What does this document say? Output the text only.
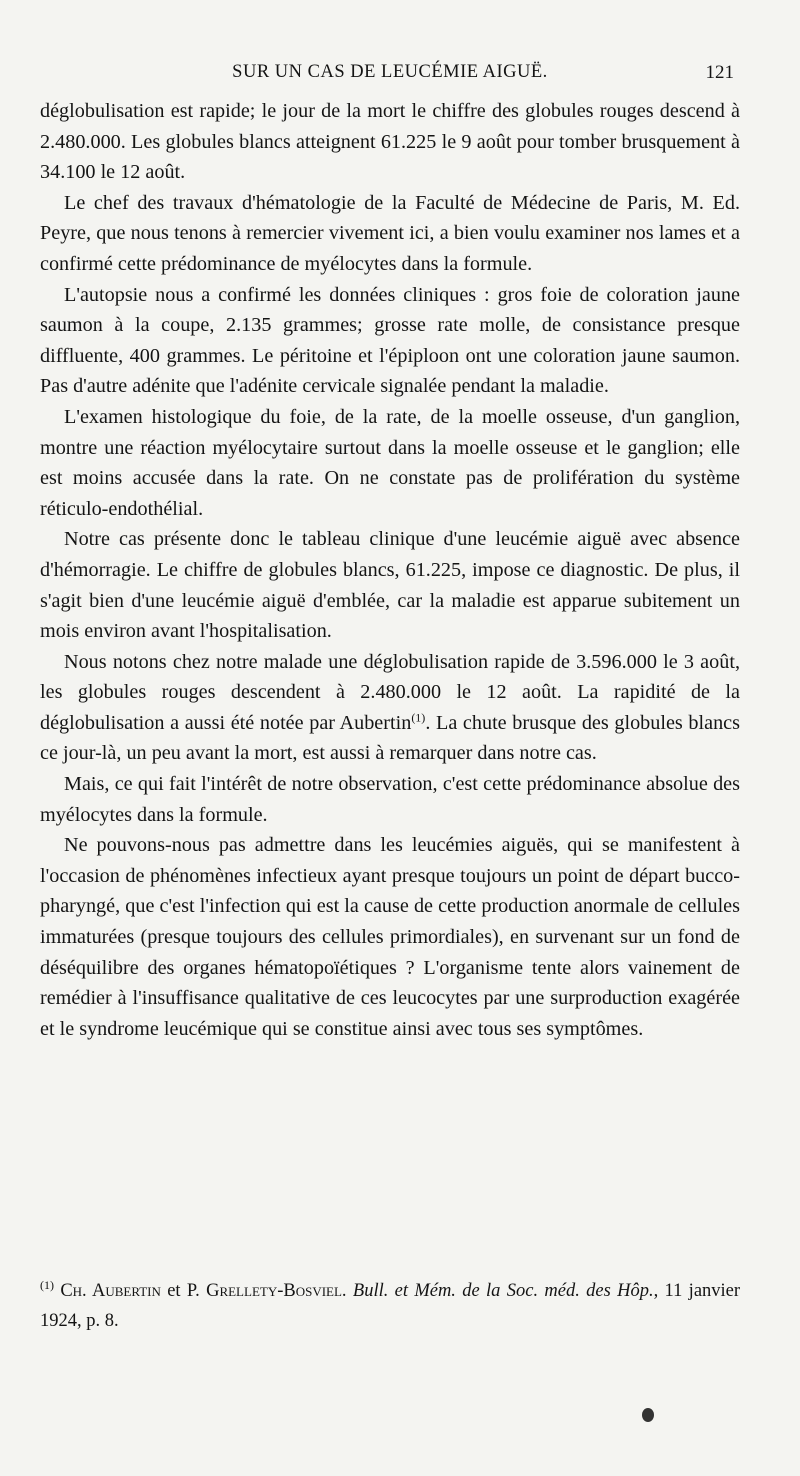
SUR UN CAS DE LEUCÉMIE AIGUË.	121

déglobulisation est rapide; le jour de la mort le chiffre des globules rouges descend à 2.480.000. Les globules blancs atteignent 61.225 le 9 août pour tomber brusquement à 34.100 le 12 août.

Le chef des travaux d'hématologie de la Faculté de Médecine de Paris, M. Ed. Peyre, que nous tenons à remercier vivement ici, a bien voulu examiner nos lames et a confirmé cette prédominance de myélocytes dans la formule.

L'autopsie nous a confirmé les données cliniques : gros foie de coloration jaune saumon à la coupe, 2.135 grammes; grosse rate molle, de consistance presque diffluente, 400 grammes. Le péritoine et l'épiploon ont une coloration jaune saumon. Pas d'autre adénite que l'adénite cervicale signalée pendant la maladie.

L'examen histologique du foie, de la rate, de la moelle osseuse, d'un ganglion, montre une réaction myélocytaire surtout dans la moelle osseuse et le ganglion; elle est moins accusée dans la rate. On ne constate pas de prolifération du système réticulo-endothélial.

Notre cas présente donc le tableau clinique d'une leucémie aiguë avec absence d'hémorragie. Le chiffre de globules blancs, 61.225, impose ce diagnostic. De plus, il s'agit bien d'une leucémie aiguë d'emblée, car la maladie est apparue subitement un mois environ avant l'hospitalisation.

Nous notons chez notre malade une déglobulisation rapide de 3.596.000 le 3 août, les globules rouges descendent à 2.480.000 le 12 août. La rapidité de la déglobulisation a aussi été notée par Aubertin$^{(1)}$. La chute brusque des globules blancs ce jour-là, un peu avant la mort, est aussi à remarquer dans notre cas.

Mais, ce qui fait l'intérêt de notre observation, c'est cette prédominance absolue des myélocytes dans la formule.

Ne pouvons-nous pas admettre dans les leucémies aiguës, qui se manifestent à l'occasion de phénomènes infectieux ayant presque toujours un point de départ bucco-pharyngé, que c'est l'infection qui est la cause de cette production anormale de cellules immaturées (presque toujours des cellules primordiales), en survenant sur un fond de déséquilibre des organes hématopoïétiques ? L'organisme tente alors vainement de remédier à l'insuffisance qualitative de ces leucocytes par une surproduction exagérée et le syndrome leucémique qui se constitue ainsi avec tous ses symptômes.

$^{(1)}$ Ch. Aubertin et P. Grellety-Bosviel. Bull. et Mém. de la Soc. méd. des Hôp., 11 janvier 1924, p. 8.
